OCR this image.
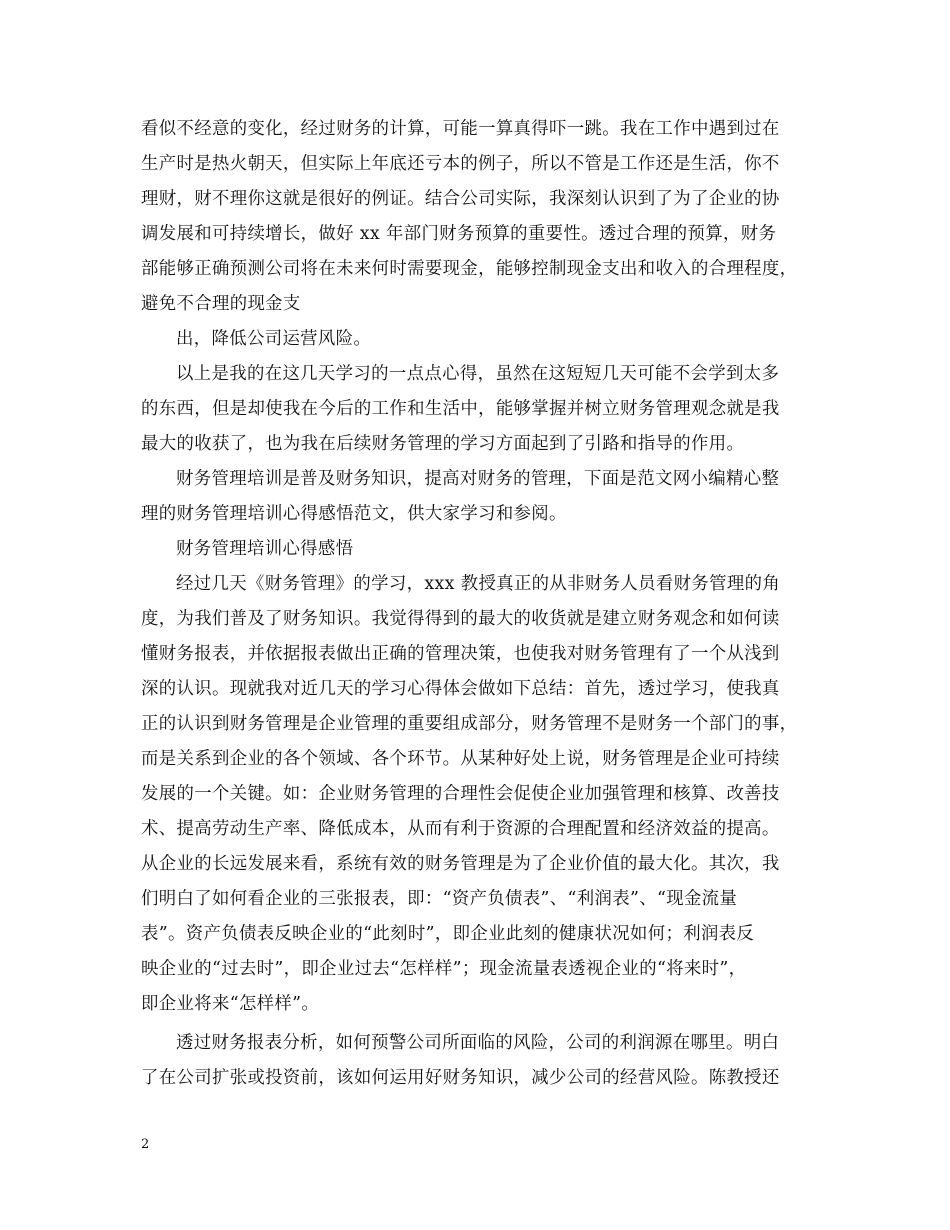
看似不经意的变化，经过财务的计算，可能一算真得吓一跳。我在工作中遇到过在
生产时是热火朝天，但实际上年底还亏本的例子，所以不管是工作还是生活，你不
理财，财不理你这就是很好的例证。结合公司实际，我深刻认识到了为了企业的协
调发展和可持续增长，做好 xx 年部门财务预算的重要性。透过合理的预算，财务
部能够正确预测公司将在未来何时需要现金，能够控制现金支出和收入的合理程度，
避免不合理的现金支
出，降低公司运营风险。
以上是我的在这几天学习的一点点心得，虽然在这短短几天可能不会学到太多
的东西，但是却使我在今后的工作和生活中，能够掌握并树立财务管理观念就是我
最大的收获了，也为我在后续财务管理的学习方面起到了引路和指导的作用。
财务管理培训是普及财务知识，提高对财务的管理，下面是范文网小编精心整
理的财务管理培训心得感悟范文，供大家学习和参阅。
财务管理培训心得感悟
经过几天《财务管理》的学习，xxx 教授真正的从非财务人员看财务管理的角
度，为我们普及了财务知识。我觉得得到的最大的收货就是建立财务观念和如何读
懂财务报表，并依据报表做出正确的管理决策，也使我对财务管理有了一个从浅到
深的认识。现就我对近几天的学习心得体会做如下总结：首先，透过学习，使我真
正的认识到财务管理是企业管理的重要组成部分，财务管理不是财务一个部门的事，
而是关系到企业的各个领域、各个环节。从某种好处上说，财务管理是企业可持续
发展的一个关键。如：企业财务管理的合理性会促使企业加强管理和核算、改善技
术、提高劳动生产率、降低成本，从而有利于资源的合理配置和经济效益的提高。
从企业的长远发展来看，系统有效的财务管理是为了企业价值的最大化。其次，我
们明白了如何看企业的三张报表，即：“资产负债表”、“利润表”、“现金流量
表”。资产负债表反映企业的“此刻时”，即企业此刻的健康状况如何；利润表反
映企业的“过去时”，即企业过去“怎样样”；现金流量表透视企业的“将来时”，
即企业将来“怎样样”。
透过财务报表分析，如何预警公司所面临的风险，公司的利润源在哪里。明白
了在公司扩张或投资前，该如何运用好财务知识，减少公司的经营风险。陈教授还
2
